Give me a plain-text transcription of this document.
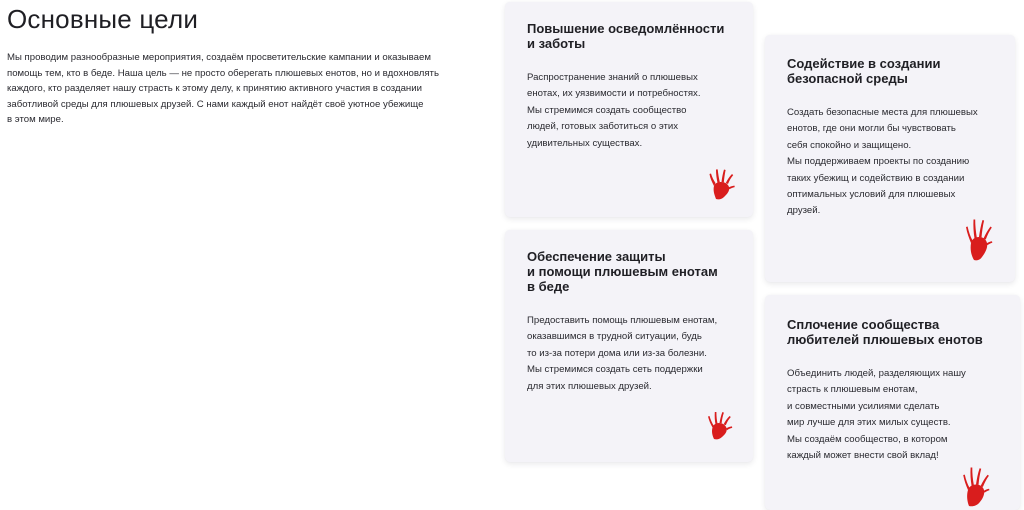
Основные цели

Мы проводим разнообразные мероприятия, создаём просветительские кампании и оказываем
помощь тем, кто в беде. Наша цель — не просто оберегать плюшевых енотов, но и вдохновлять
каждого, кто разделяет нашу страсть к этому делу, к принятию активного участия в создании
заботливой среды для плюшевых друзей. С нами каждый енот найдёт своё уютное убежище
в этом мире.

Повышение осведомлённости
и заботы

Распространение знаний о плюшевых
енотах, их уязвимости и потребностях.
Мы стремимся создать сообщество
людей, готовых заботиться о этих
удивительных существах.

Содействие в создании
безопасной среды

Создать безопасные места для плюшевых
енотов, где они могли бы чувствовать
себя спокойно и защищено.
Мы поддерживаем проекты по созданию
таких убежищ и содействию в создании
оптимальных условий для плюшевых
друзей.

Обеспечение защиты
и помощи плюшевым енотам
в беде

Предоставить помощь плюшевым енотам,
оказавшимся в трудной ситуации, будь
то из-за потери дома или из-за болезни.
Мы стремимся создать сеть поддержки
для этих плюшевых друзей.

Сплочение сообщества
любителей плюшевых енотов

Объединить людей, разделяющих нашу
страсть к плюшевым енотам,
и совместными усилиями сделать
мир лучше для этих милых существ.
Мы создаём сообщество, в котором
каждый может внести свой вклад!
